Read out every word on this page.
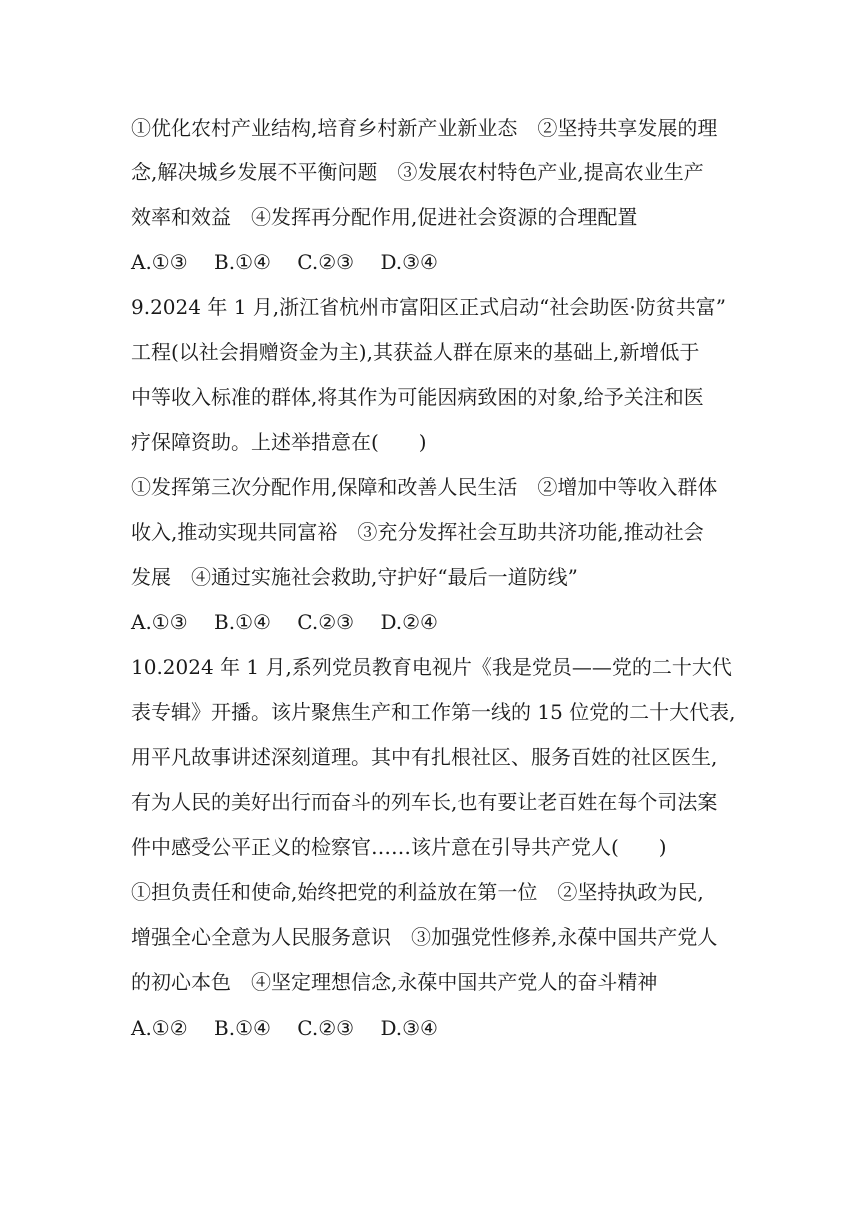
①优化农村产业结构,培育乡村新产业新业态　②坚持共享发展的理
念,解决城乡发展不平衡问题　③发展农村特色产业,提高农业生产
效率和效益　④发挥再分配作用,促进社会资源的合理配置
A.①③　 B.①④　 C.②③　 D.③④
9.2024 年 1 月,浙江省杭州市富阳区正式启动“社会助医·防贫共富”
工程(以社会捐赠资金为主),其获益人群在原来的基础上,新增低于
中等收入标准的群体,将其作为可能因病致困的对象,给予关注和医
疗保障资助。上述举措意在(　　)
①发挥第三次分配作用,保障和改善人民生活　②增加中等收入群体
收入,推动实现共同富裕　③充分发挥社会互助共济功能,推动社会
发展　④通过实施社会救助,守护好“最后一道防线”
A.①③　 B.①④　 C.②③　 D.②④
10.2024 年 1 月,系列党员教育电视片《我是党员——党的二十大代
表专辑》开播。该片聚焦生产和工作第一线的 15 位党的二十大代表,
用平凡故事讲述深刻道理。其中有扎根社区、服务百姓的社区医生,
有为人民的美好出行而奋斗的列车长,也有要让老百姓在每个司法案
件中感受公平正义的检察官……该片意在引导共产党人(　　)
①担负责任和使命,始终把党的利益放在第一位　②坚持执政为民,
增强全心全意为人民服务意识　③加强党性修养,永葆中国共产党人
的初心本色　④坚定理想信念,永葆中国共产党人的奋斗精神
A.①②　 B.①④　 C.②③　 D.③④
